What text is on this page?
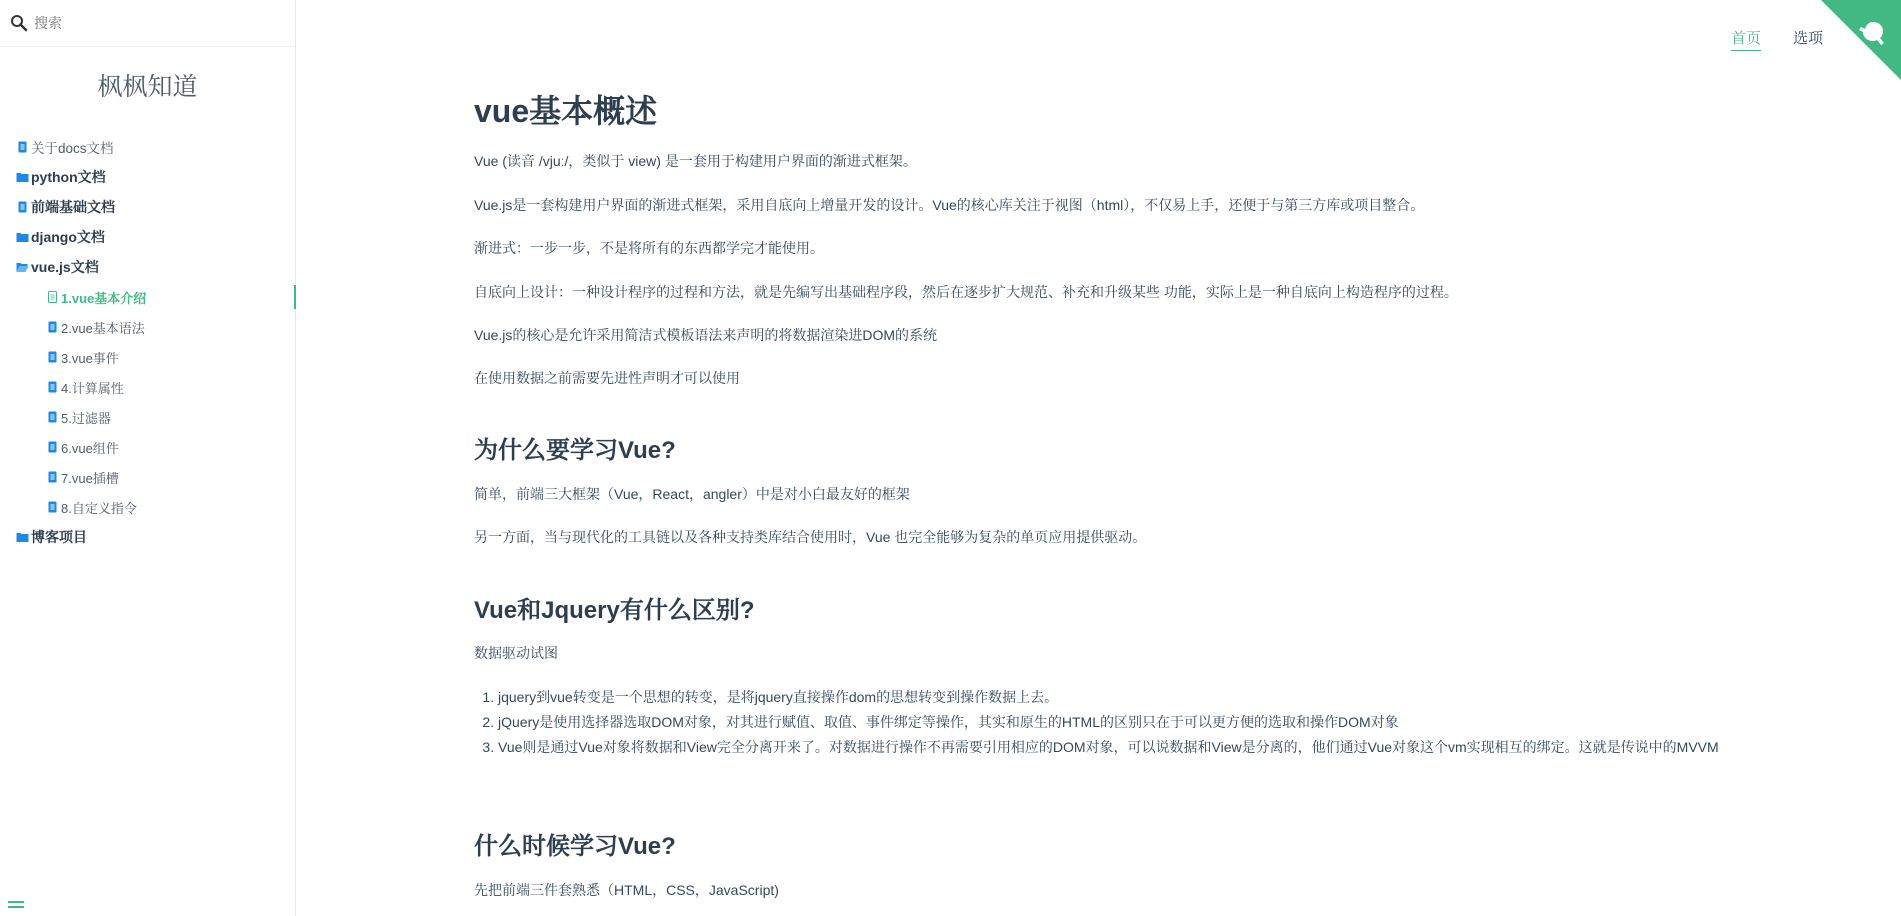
搜索
枫枫知道
关于docs文档
python文档
前端基础文档
django文档
vue.js文档
1.vue基本介绍
2.vue基本语法
3.vue事件
4.计算属性
5.过滤器
6.vue组件
7.vue插槽
8.自定义指令
博客项目
首页 选项
vue基本概述

Vue (读音 /vjuː/，类似于 view) 是一套用于构建用户界面的渐进式框架。

Vue.js是一套构建用户界面的渐进式框架，采用自底向上增量开发的设计。Vue的核心库关注于视图（html），不仅易上手，还便于与第三方库或项目整合。

渐进式：一步一步，不是将所有的东西都学完才能使用。

自底向上设计：一种设计程序的过程和方法，就是先编写出基础程序段，然后在逐步扩大规范、补充和升级某些 功能，实际上是一种自底向上构造程序的过程。

Vue.js的核心是允许采用简洁式模板语法来声明的将数据渲染进DOM的系统

在使用数据之前需要先进性声明才可以使用

为什么要学习Vue?

简单，前端三大框架（Vue，React，angler）中是对小白最友好的框架

另一方面，当与现代化的工具链以及各种支持类库结合使用时，Vue 也完全能够为复杂的单页应用提供驱动。

Vue和Jquery有什么区别?

数据驱动试图

1. jquery到vue转变是一个思想的转变，是将jquery直接操作dom的思想转变到操作数据上去。
2. jQuery是使用选择器选取DOM对象，对其进行赋值、取值、事件绑定等操作，其实和原生的HTML的区别只在于可以更方便的选取和操作DOM对象
3. Vue则是通过Vue对象将数据和View完全分离开来了。对数据进行操作不再需要引用相应的DOM对象，可以说数据和View是分离的，他们通过Vue对象这个vm实现相互的绑定。这就是传说中的MVVM
什么时候学习Vue?

先把前端三件套熟悉（HTML，CSS，JavaScript)
